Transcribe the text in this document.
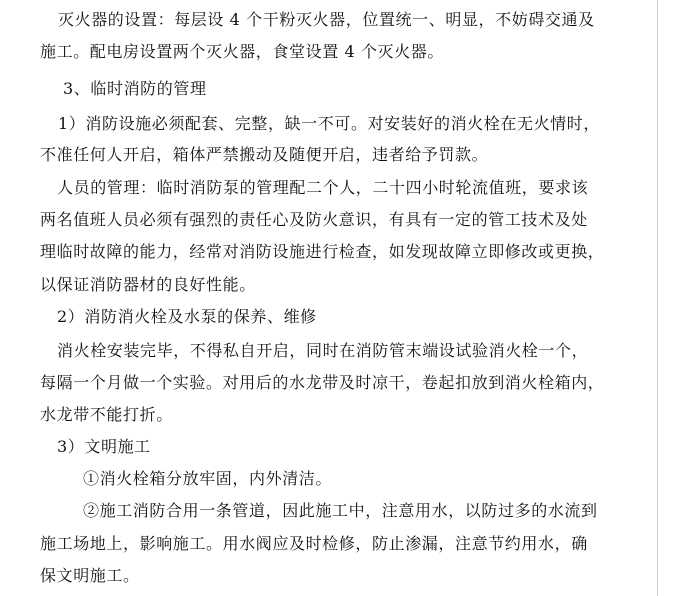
灭火器的设置：每层设 4 个干粉灭火器，位置统一、明显，不妨碍交通及
施工。配电房设置两个灭火器，食堂设置 4 个灭火器。
3、临时消防的管理
1）消防设施必须配套、完整，缺一不可。对安装好的消火栓在无火情时，
不准任何人开启，箱体严禁搬动及随便开启，违者给予罚款。
人员的管理：临时消防泵的管理配二个人，二十四小时轮流值班，要求该
两名值班人员必须有强烈的责任心及防火意识，有具有一定的管工技术及处
理临时故障的能力，经常对消防设施进行检查，如发现故障立即修改或更换，
以保证消防器材的良好性能。
2）消防消火栓及水泵的保养、维修
消火栓安装完毕，不得私自开启，同时在消防管末端设试验消火栓一个，
每隔一个月做一个实验。对用后的水龙带及时凉干，卷起扣放到消火栓箱内，
水龙带不能打折。
3）文明施工
①消火栓箱分放牢固，内外清洁。
②施工消防合用一条管道，因此施工中，注意用水，以防过多的水流到
施工场地上，影响施工。用水阀应及时检修，防止渗漏，注意节约用水，确
保文明施工。
